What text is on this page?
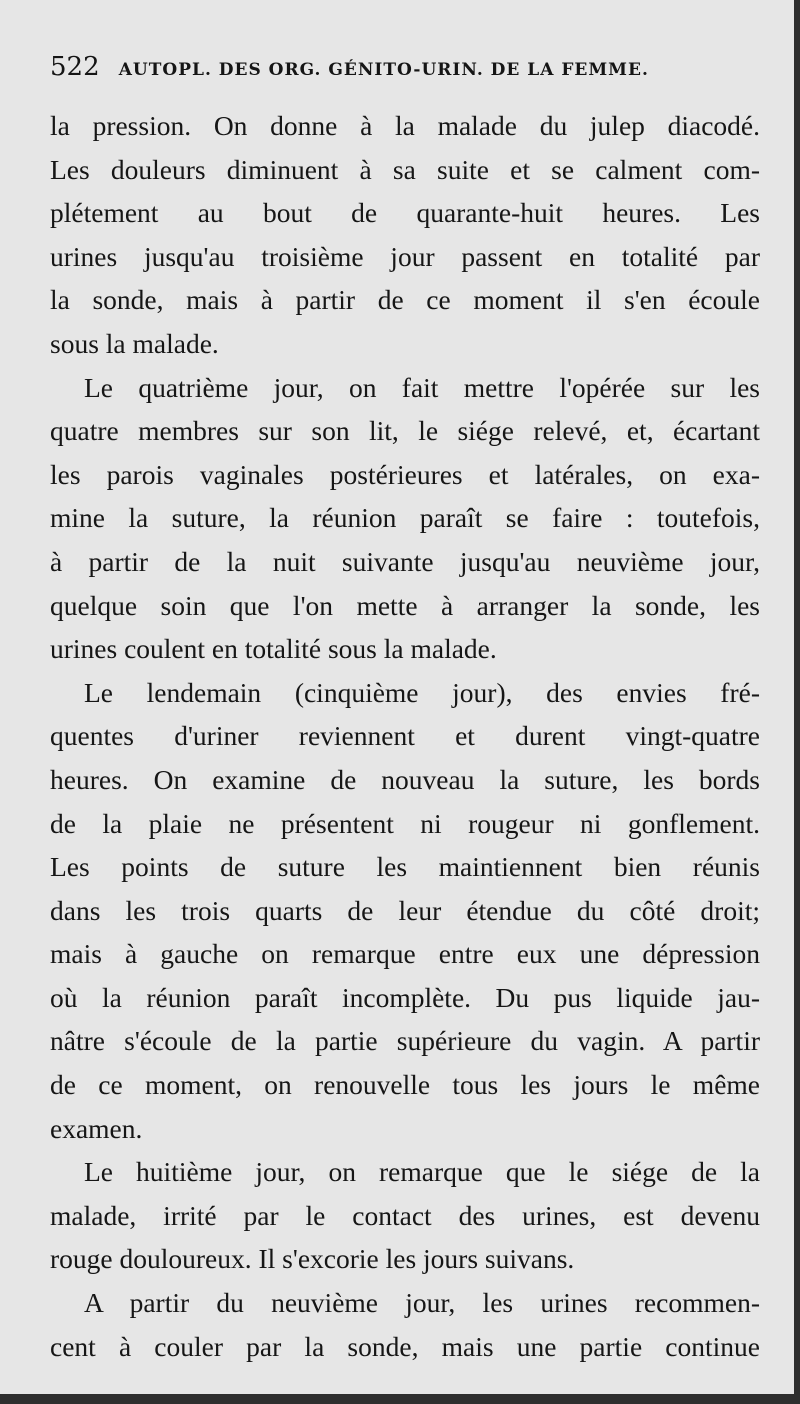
522 AUTOPL. DES ORG. GÉNITO-URIN. DE LA FEMME.
la pression. On donne à la malade du julep diacodé.
Les douleurs diminuent à sa suite et se calment com-
plétement au bout de quarante-huit heures. Les
urines jusqu'au troisième jour passent en totalité par
la sonde, mais à partir de ce moment il s'en écoule
sous la malade.
Le quatrième jour, on fait mettre l'opérée sur les
quatre membres sur son lit, le siége relevé, et, écartant
les parois vaginales postérieures et latérales, on exa-
mine la suture, la réunion paraît se faire : toutefois,
à partir de la nuit suivante jusqu'au neuvième jour,
quelque soin que l'on mette à arranger la sonde, les
urines coulent en totalité sous la malade.
Le lendemain (cinquième jour), des envies fré-
quentes d'uriner reviennent et durent vingt-quatre
heures. On examine de nouveau la suture, les bords
de la plaie ne présentent ni rougeur ni gonflement.
Les points de suture les maintiennent bien réunis
dans les trois quarts de leur étendue du côté droit;
mais à gauche on remarque entre eux une dépression
où la réunion paraît incomplète. Du pus liquide jau-
nâtre s'écoule de la partie supérieure du vagin. A partir
de ce moment, on renouvelle tous les jours le même
examen.
Le huitième jour, on remarque que le siége de la
malade, irrité par le contact des urines, est devenu
rouge douloureux. Il s'excorie les jours suivans.
A partir du neuvième jour, les urines recommen-
cent à couler par la sonde, mais une partie continue
